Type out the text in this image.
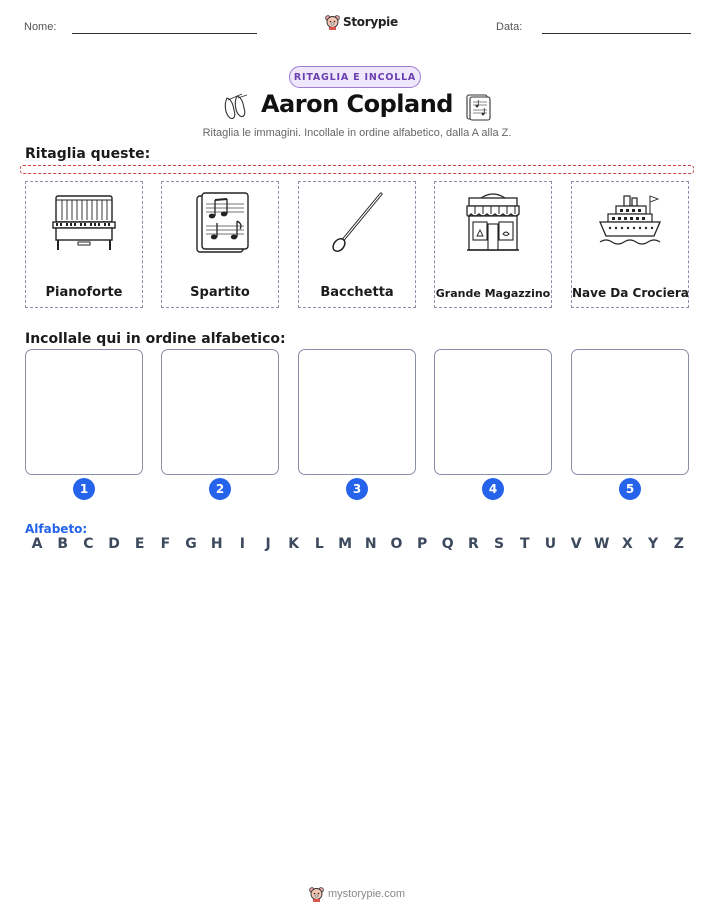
Nome:	Storypie	Data:
RITAGLIA E INCOLLA
Aaron Copland
Ritaglia le immagini. Incollale in ordine alfabetico, dalla A alla Z.
Ritaglia queste:
Pianoforte	Spartito	Bacchetta	Grande Magazzino Nave Da Crociera
Incollale qui in ordine alfabetico:
1	2	3	4	5
Alfabeto:
A	B	C	D	E	F	G	H	I	J	K	L	M N O	P	Q	R	S	T	U	V W X	Y	Z
mystorypie.com
